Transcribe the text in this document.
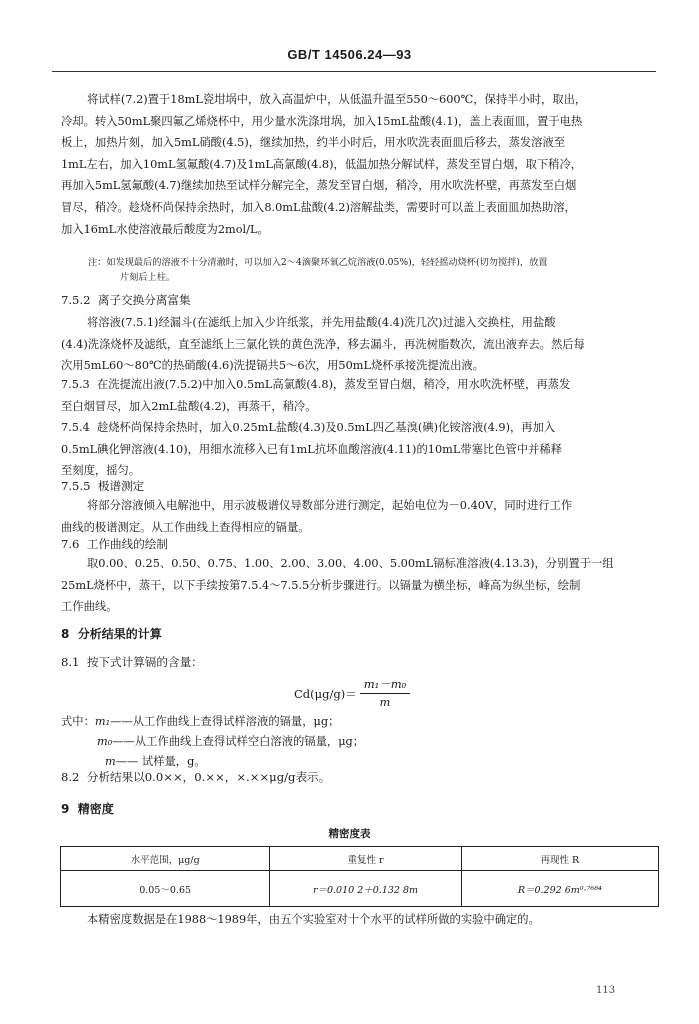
GB/T 14506.24—93
将试样(7.2)置于18mL瓷坩埚中，放入高温炉中，从低温升温至550～600℃，保持半小时，取出，
冷却。转入50mL聚四氟乙烯烧杯中，用少量水洗涤坩埚，加入15mL盐酸(4.1)，盖上表面皿，置于电热
板上，加热片刻，加入5mL硝酸(4.5)，继续加热，约半小时后，用水吹洗表面皿后移去，蒸发溶液至
1mL左右，加入10mL氢氟酸(4.7)及1mL高氯酸(4.8)，低温加热分解试样，蒸发至冒白烟，取下稍冷，
再加入5mL氢氟酸(4.7)继续加热至试样分解完全，蒸发至冒白烟，稍冷，用水吹洗杯壁，再蒸发至白烟
冒尽，稍冷。趁烧杯尚保持余热时，加入8.0mL盐酸(4.2)溶解盐类，需要时可以盖上表面皿加热助溶，
加入16mL水使溶液最后酸度为2mol/L。
注：如发现最后的溶液不十分清澈时，可以加入2～4滴聚环氧乙烷溶液(0.05%)，轻轻摇动烧杯(切勿搅拌)，放置
片刻后上柱。
7.5.2 离子交换分离富集
将溶液(7.5.1)经漏斗(在滤纸上加入少许纸浆，并先用盐酸(4.4)洗几次)过滤入交换柱，用盐酸
(4.4)洗涤烧杯及滤纸，直至滤纸上三氯化铁的黄色洗净，移去漏斗，再洗树脂数次，流出液弃去。然后每
次用5mL60～80℃的热硝酸(4.6)洗提镉共5～6次，用50mL烧杯承接洗提流出液。
7.5.3 在洗提流出液(7.5.2)中加入0.5mL高氯酸(4.8)，蒸发至冒白烟，稍冷，用水吹洗杯壁，再蒸发
至白烟冒尽，加入2mL盐酸(4.2)，再蒸干，稍冷。
7.5.4 趁烧杯尚保持余热时，加入0.25mL盐酸(4.3)及0.5mL四乙基溴(碘)化铵溶液(4.9)，再加入
0.5mL碘化钾溶液(4.10)，用细水流移入已有1mL抗坏血酸溶液(4.11)的10mL带塞比色管中并稀释
至刻度，摇匀。
7.5.5 极谱测定
将部分溶液倾入电解池中，用示波极谱仪导数部分进行测定，起始电位为－0.40V，同时进行工作
曲线的极谱测定。从工作曲线上查得相应的镉量。
7.6 工作曲线的绘制
取0.00、0.25、0.50、0.75、1.00、2.00、3.00、4.00、5.00mL镉标准溶液(4.13.3)，分别置于一组
25mL烧杯中，蒸干，以下手续按第7.5.4～7.5.5分析步骤进行。以镉量为横坐标，峰高为纵坐标，绘制
工作曲线。
8 分析结果的计算
8.1 按下式计算镉的含量：
$Cd(\mu g/g)= \frac{\text{m₁－m₀}}{m}$
式中：m₁——从工作曲线上查得试样溶液的镉量，μg；
m₀——从工作曲线上查得试样空白溶液的镉量，μg；
m—— 试样量，g。
8.2 分析结果以0.0××，0.××，×.××μg/g表示。
9 精密度
精密度表
水平范围，μg/g	重复性 r	再现性 R
0.05～0.65	r＝0.010 2＋0.132 8m	R＝0.292 6m⁰·⁷⁶⁸⁴
本精密度数据是在1988～1989年，由五个实验室对十个水平的试样所做的实验中确定的。
113
